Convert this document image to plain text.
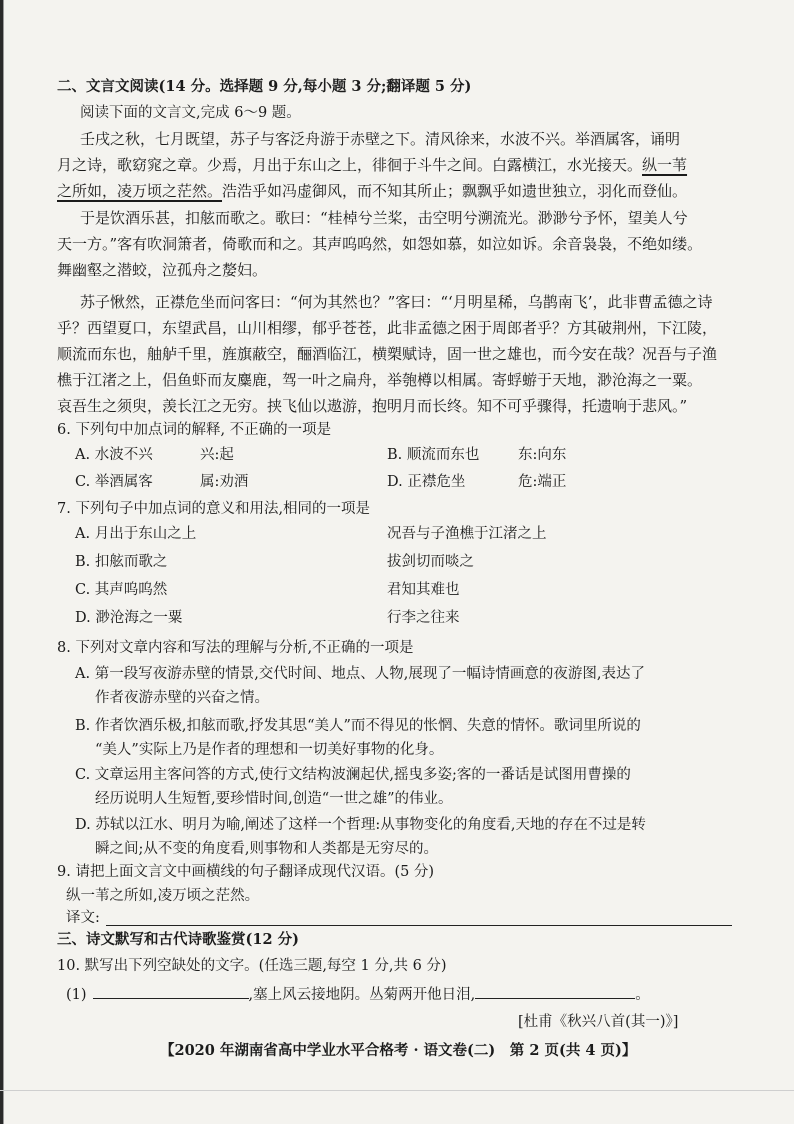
二、文言文阅读(14 分。选择题 9 分,每小题 3 分;翻译题 5 分)
阅读下面的文言文,完成 6～9 题。
壬戌之秋，七月既望，苏子与客泛舟游于赤壁之下。清风徐来，水波不兴。举酒属客，诵明
月之诗，歌窈窕之章。少焉，月出于东山之上，徘徊于斗牛之间。白露横江，水光接天。纵一苇
之所如，凌万顷之茫然。浩浩乎如冯虚御风，而不知其所止；飘飘乎如遗世独立，羽化而登仙。
于是饮酒乐甚，扣舷而歌之。歌曰：“桂棹兮兰桨，击空明兮溯流光。渺渺兮予怀，望美人兮
天一方。”客有吹洞箫者，倚歌而和之。其声呜呜然，如怨如慕，如泣如诉。余音袅袅，不绝如缕。
舞幽壑之潜蛟，泣孤舟之嫠妇。
苏子愀然，正襟危坐而问客曰：“何为其然也？”客曰：“‘月明星稀，乌鹊南飞’，此非曹孟德之诗
乎？西望夏口，东望武昌，山川相缪，郁乎苍苍，此非孟德之困于周郎者乎？方其破荆州，下江陵，
顺流而东也，舳舻千里，旌旗蔽空，酾酒临江，横槊赋诗，固一世之雄也，而今安在哉？况吾与子渔
樵于江渚之上，侣鱼虾而友麋鹿，驾一叶之扁舟，举匏樽以相属。寄蜉蝣于天地，渺沧海之一粟。
哀吾生之须臾，羡长江之无穷。挟飞仙以遨游，抱明月而长终。知不可乎骤得，托遗响于悲风。”
6. 下列句中加点词的解释, 不正确的一项是
A. 水波不兴	兴:起	B. 顺流而东也	东:向东
C. 举酒属客	属:劝酒	D. 正襟危坐	危:端正
7. 下列句子中加点词的意义和用法,相同的一项是
A. 月出于东山之上	况吾与子渔樵于江渚之上
B. 扣舷而歌之	拔剑切而啖之
C. 其声呜呜然	君知其难也
D. 渺沧海之一粟	行李之往来
8. 下列对文章内容和写法的理解与分析,不正确的一项是
A. 第一段写夜游赤壁的情景,交代时间、地点、人物,展现了一幅诗情画意的夜游图,表达了
作者夜游赤壁的兴奋之情。
B. 作者饮酒乐极,扣舷而歌,抒发其思“美人”而不得见的怅惘、失意的情怀。歌词里所说的
“美人”实际上乃是作者的理想和一切美好事物的化身。
C. 文章运用主客问答的方式,使行文结构波澜起伏,摇曳多姿;客的一番话是试图用曹操的
经历说明人生短暂,要珍惜时间,创造“一世之雄”的伟业。
D. 苏轼以江水、明月为喻,阐述了这样一个哲理:从事物变化的角度看,天地的存在不过是转
瞬之间;从不变的角度看,则事物和人类都是无穷尽的。
9. 请把上面文言文中画横线的句子翻译成现代汉语。(5 分)
纵一苇之所如,凌万顷之茫然。
译文:
三、诗文默写和古代诗歌鉴赏(12 分)
10. 默写出下列空缺处的文字。(任选三题,每空 1 分,共 6 分)
(1)	,塞上风云接地阴。丛菊两开他日泪,	。
[杜甫《秋兴八首(其一)》]
【2020 年湖南省高中学业水平合格考 · 语文卷(二)　第 2 页(共 4 页)】
